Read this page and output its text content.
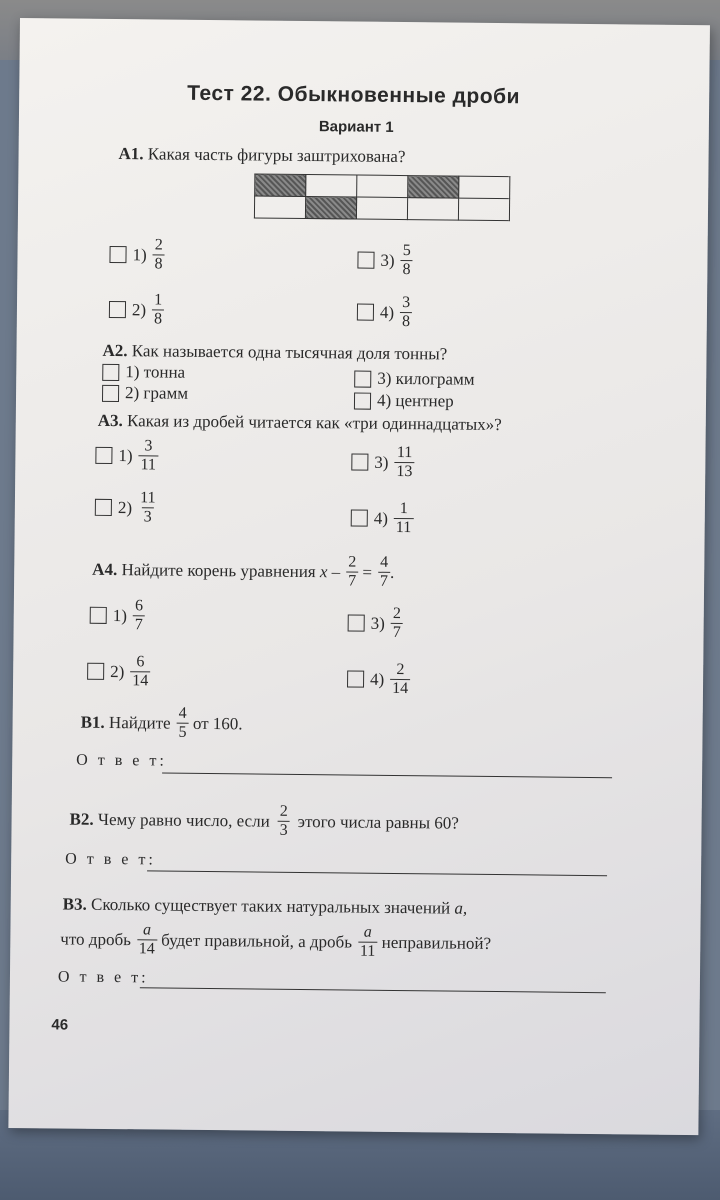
Тест 22. Обыкновенные дроби
Вариант 1
А1. Какая часть фигуры заштрихована?

$1) \frac{2}{8}$
$2) \frac{1}{8}$
$3) \frac{5}{8}$
$4) \frac{3}{8}$
А2. Как называется одна тысячная доля тонны?
1) тонна
2) грамм
3) килограмм
4) центнер
А3. Какая из дробей читается как «три одиннадцатых»?
$1) \frac{3}{11}$
$2) \frac{11}{3}$
$3) \frac{11}{13}$
$4) \frac{1}{11}$
А4.
Найдите корень уравнения
x – $\frac{2}{7}$
= $\frac{4}{7}$ .
$1) \frac{6}{7}$
$2) \frac{6}{14}$
$3) \frac{2}{7}$
$4) \frac{2}{14}$
В1.
Найдите $\frac{4}{5}$
от 160.
О т в е т:
В2.
Чему равно число, если $\frac{2}{3}$ этого числа равны 60?
О т в е т:
В3. Сколько существует таких натуральных значений a,
что дробь $\frac{a}{14}$
будет правильной, а дробь $\frac{a}{11}$
неправильной?
О т в е т:
46
